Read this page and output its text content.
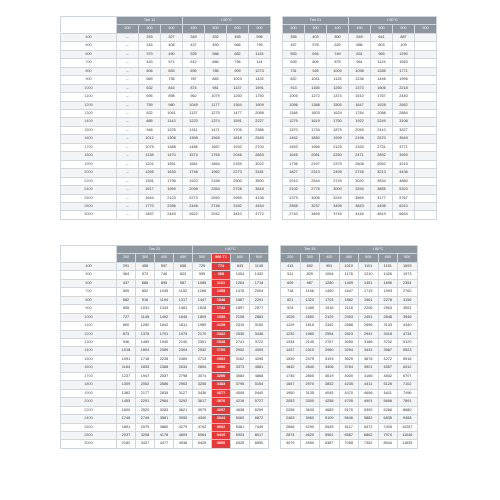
	Тип 11			t 60°C					Тип 21			t 60°C			
	200	300	400	450	500	600	900		200	300	400	450	500	600	900
400	–	253	327	349	392	455	595		355	403	500	549	641	887	
500	–	316	408	437	450	568	795		457	578	625	686	803	109	
600	–	379	490	525	588	682	1115		553	694	749	831	963	1290	
700	–	443	571	612	686	796	114		639	809	875	961	1124	1553	
800	–	506	653	699	785	909	1273		731	925	1000	1098	1285	1771	
900	–	569	735	787	883	1023	1432		822	1041	1125	1236	1446	1995	
1000	–	632	816	874	981	1137	1591		913	1156	1250	1373	1606	2218	
1100	–	695	898	962	1079	1250	1750		1005	1272	1374	1510	1767	2440	
1200	–	759	980	1049	1177	1364	1909		1096	1388	1500	1647	1928	2662	
1300	–	822	1061	1137	1275	1477	2068		1188	1503	1624	1784	2088	2884	
1400	–	885	1143	1223	1374	1591	2227		1279	1619	1750	1922	2249	3106	
1500	–	948	1225	1311	1471	1705	2386		1370	1734	1875	2059	2410	3327	
1600	–	1012	1306	1398	1569	1818	2545		1462	1850	1999	2196	2570	3549	
1700	–	1075	1388	1486	1667	1932	2704		1553	1966	2125	2333	2731	3771	
1800	–	1138	1470	1574	1765	2046	2863		1645	2081	2250	2471	2892	3993	
1900	–	1201	1551	1661	1864	2159	3022		1736	2197	2375	2608	3052	4215	
2000	–	1265	1633	1748	1962	2273	3181		1827	2313	2499	2745	3213	4436	
2200	–	1391	1796	1923	2158	2500	3500		2010	2544	2749	3020	3534	4880	
2400	–	1517	1959	2098	2353	2728	3818		2192	2775	3000	3294	3855	5323	
2600	–	1644	2123	2273	2550	2955	4136		2375	3006	3249	3569	4177	5767	
2800	–	1770	2286	2448	2746	3182	4454		2558	3237	3499	3843	4498	6210	
3000	–	1897	2449	2622	2942	3410	4772		2740	3469	3749	4118	4819	6654	
	Тип 22				t 60°C					Тип 33			t 60°C			
	200	300	400	450	500	500 T1	600	900		200	300	400	450	500	600	900
400	291	458	597	658	725	774	843	1145		413	652	951	1010	1101	1151	1593
500	364	573	746	823	905	968	1054	1432		511	829	1064	1176	1210	1426	1973
600	437	686	895	987	1085	1161	1264	1718		609	987	1280	1409	1451	1696	2354
700	509	802	1045	1152	1266	1355	1476	2004		718	1156	1490	1647	1715	1993	2762
800	582	916	1194	1317	1447	1548	1687	2291		821	1320	1703	1882	1961	2278	3156
900	655	1031	1343	1481	1628	1742	1897	2577		924	1485	1916	2118	2206	2563	3551
1000	727	1145	1492	1646	1809	1935	2108	2863		1026	1650	2129	2353	2451	2848	3946
1100	800	1260	1642	1811	1989	2129	2319	3150		1129	1815	2342	2588	2696	3133	4340
1200	873	1375	1791	1975	2170	2322	2530	3436		1232	1980	2554	2823	2941	3418	4734
1300	946	1489	1940	2140	2351	2516	2741	3722		1334	2145	2767	3059	3186	3702	5129
1400	1018	1604	2089	2304	2532	2709	2952	4009		1437	2310	2980	3294	3431	3987	5523
1500	1091	1718	2238	2469	2713	2903	3162	4295		1539	2475	3193	3529	3676	4272	5918
1600	1164	1833	2388	2634	2894	3096	3373	4581		1642	2640	3406	3764	3921	4557	6312
1700	1237	1947	2537	2798	3074	3290	3584	4868		1745	2805	3619	4000	4166	4842	6707
1800	1309	2062	2686	2963	3255	3483	3795	5154		1847	2970	3832	4235	4411	5126	7102
1900	1382	2177	2835	3127	3436	3677	4006	5440		1950	3135	4045	4470	4656	5411	7496
2000	1455	2291	2984	3292	3617	3870	4216	5727		2053	3300	4258	4705	4901	5696	7891
2200	1600	2520	3283	3621	3979	4257	4638	6299		2258	3630	4683	5176	5392	6266	8680
2400	1746	2749	3581	3950	4340	4644	5060	6872		2463	3960	5109	5646	5882	6835	9468
2600	1891	2979	3880	4279	4702	5032	5481	7445		2668	4290	5535	6117	6372	7405	10257
2800	2037	3208	4178	4609	5064	5419	5903	8017		2874	4620	5961	6587	6862	7974	11046
3000	2182	3437	4477	4938	5425	5806	6325	8590		3079	4950	6387	7058	7352	8544	11835
